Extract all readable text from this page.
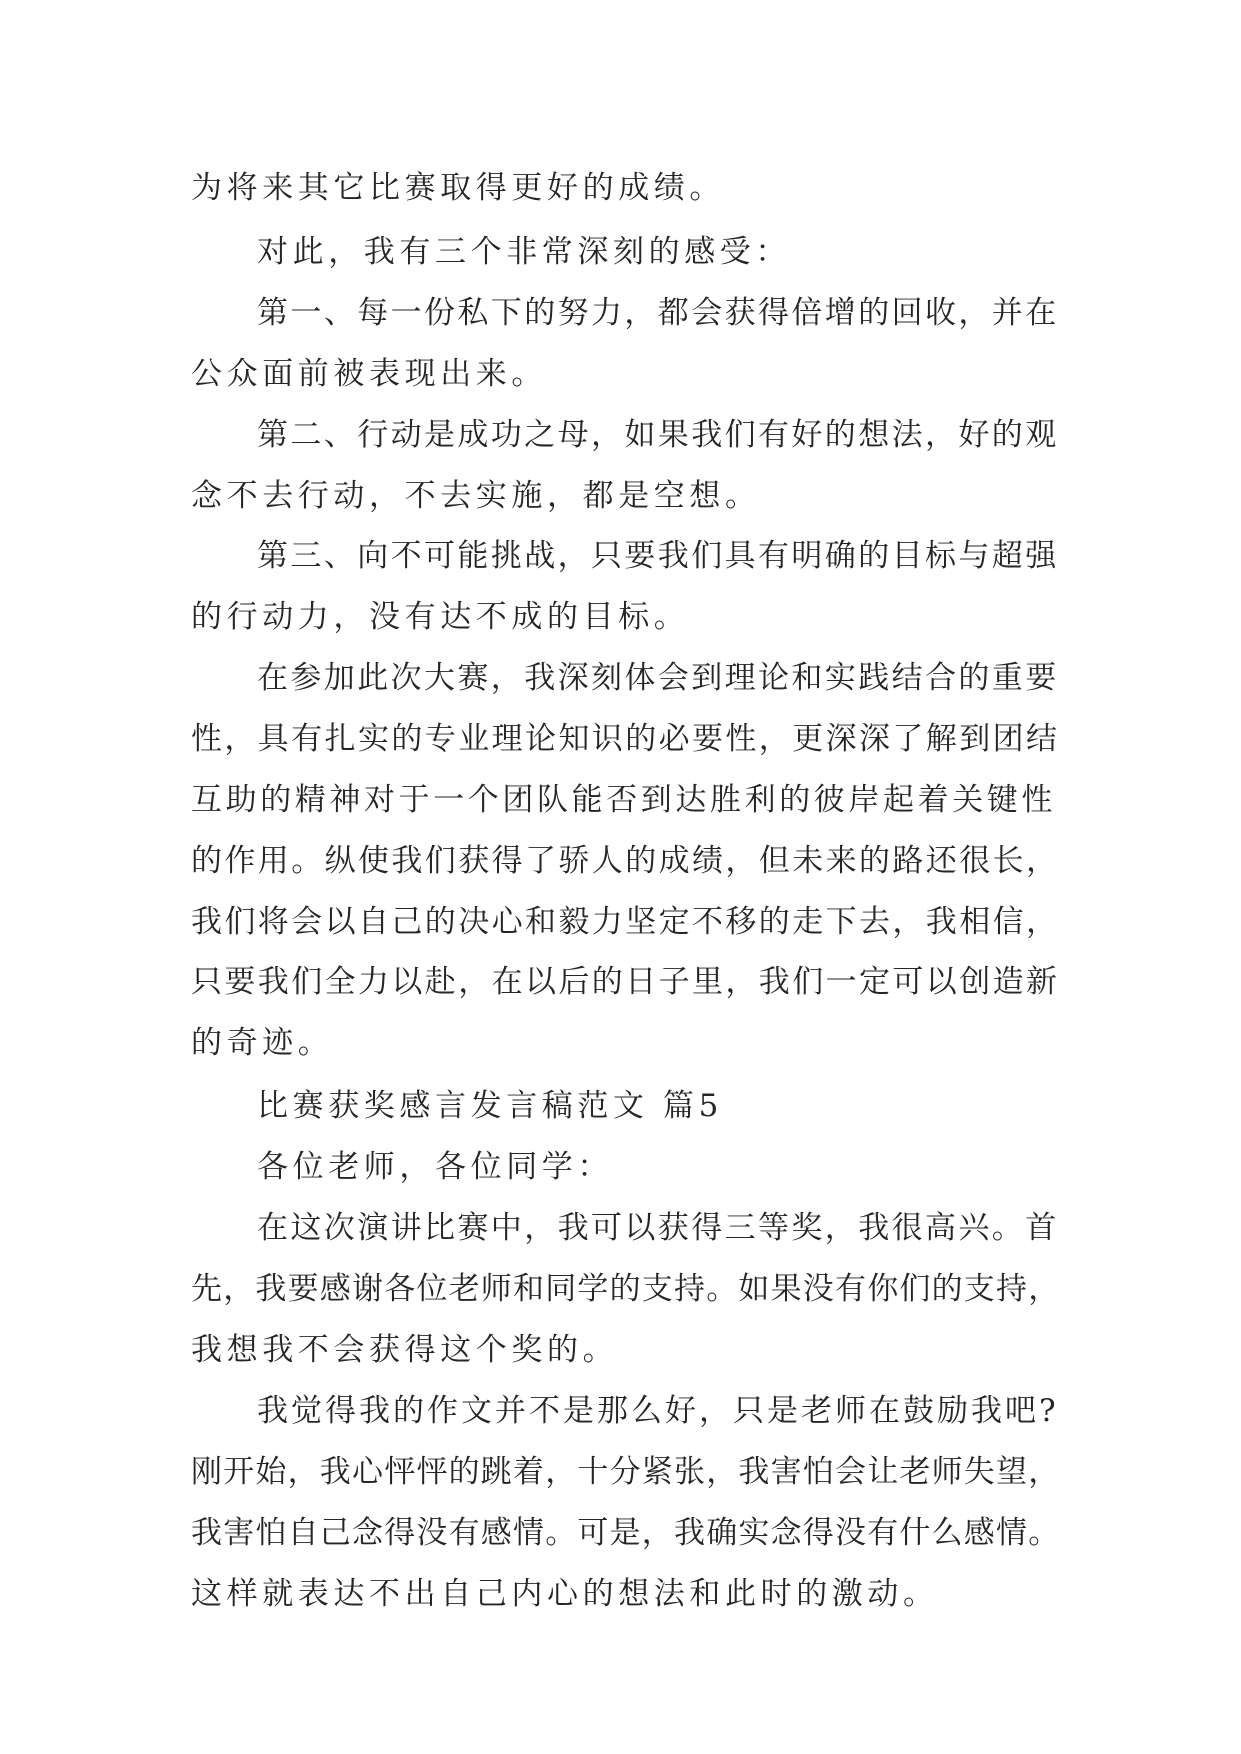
为将来其它比赛取得更好的成绩。
对此，我有三个非常深刻的感受：
第一、每一份私下的努力，都会获得倍增的回收，并在
公众面前被表现出来。
第二、行动是成功之母，如果我们有好的想法，好的观
念不去行动，不去实施，都是空想。
第三、向不可能挑战，只要我们具有明确的目标与超强
的行动力，没有达不成的目标。
在参加此次大赛，我深刻体会到理论和实践结合的重要
性，具有扎实的专业理论知识的必要性，更深深了解到团结
互助的精神对于一个团队能否到达胜利的彼岸起着关键性
的作用。纵使我们获得了骄人的成绩，但未来的路还很长，
我们将会以自己的决心和毅力坚定不移的走下去，我相信，
只要我们全力以赴，在以后的日子里，我们一定可以创造新
的奇迹。
比赛获奖感言发言稿范文 篇5
各位老师，各位同学：
在这次演讲比赛中，我可以获得三等奖，我很高兴。首
先，我要感谢各位老师和同学的支持。如果没有你们的支持，
我想我不会获得这个奖的。
我觉得我的作文并不是那么好，只是老师在鼓励我吧?
刚开始，我心怦怦的跳着，十分紧张，我害怕会让老师失望，
我害怕自己念得没有感情。可是，我确实念得没有什么感情。
这样就表达不出自己内心的想法和此时的激动。
